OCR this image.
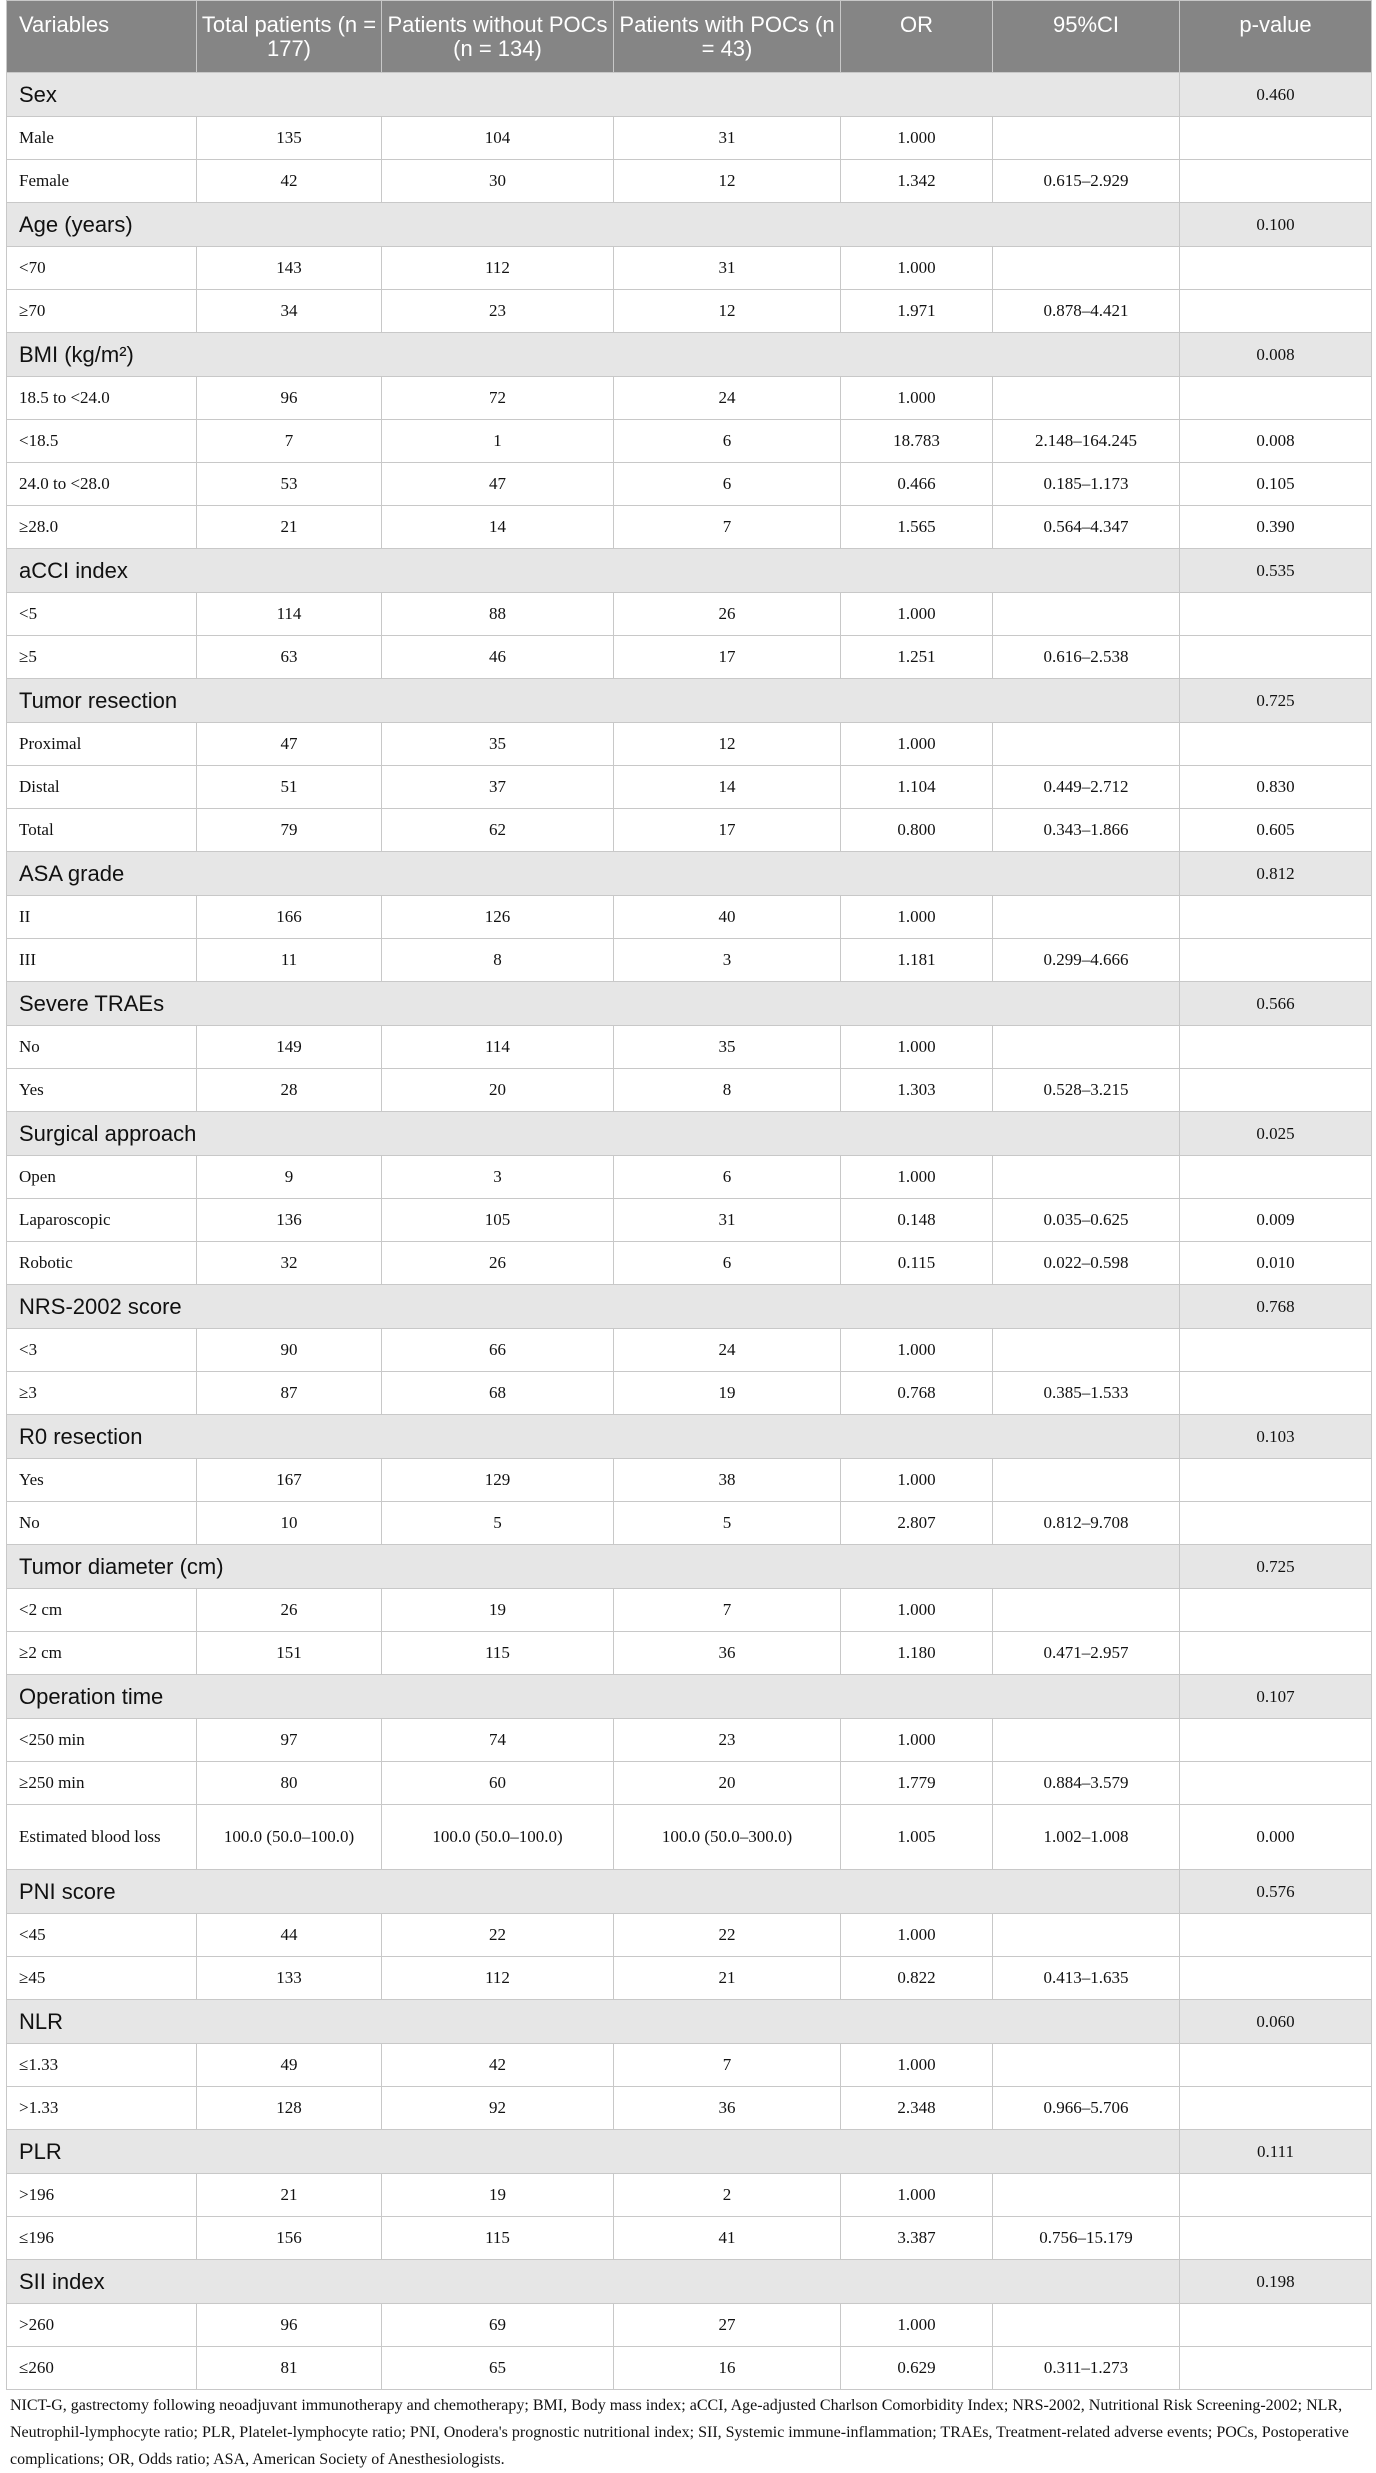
Variables	Total patients (n = 177)	Patients without POCs (n = 134)	Patients with POCs (n = 43)	OR	95%CI	p-value
Sex						0.460
Male	135	104	31	1.000		
Female	42	30	12	1.342	0.615–2.929	
Age (years)						0.100
<70	143	112	31	1.000		
≥70	34	23	12	1.971	0.878–4.421	
BMI (kg/m²)						0.008
18.5 to <24.0	96	72	24	1.000		
<18.5	7	1	6	18.783	2.148–164.245	0.008
24.0 to <28.0	53	47	6	0.466	0.185–1.173	0.105
≥28.0	21	14	7	1.565	0.564–4.347	0.390
aCCI index						0.535
<5	114	88	26	1.000		
≥5	63	46	17	1.251	0.616–2.538	
Tumor resection						0.725
Proximal	47	35	12	1.000		
Distal	51	37	14	1.104	0.449–2.712	0.830
Total	79	62	17	0.800	0.343–1.866	0.605
ASA grade						0.812
II	166	126	40	1.000		
III	11	8	3	1.181	0.299–4.666	
Severe TRAEs						0.566
No	149	114	35	1.000		
Yes	28	20	8	1.303	0.528–3.215	
Surgical approach						0.025
Open	9	3	6	1.000		
Laparoscopic	136	105	31	0.148	0.035–0.625	0.009
Robotic	32	26	6	0.115	0.022–0.598	0.010
NRS-2002 score						0.768
<3	90	66	24	1.000		
≥3	87	68	19	0.768	0.385–1.533	
R0 resection						0.103
Yes	167	129	38	1.000		
No	10	5	5	2.807	0.812–9.708	
Tumor diameter (cm)						0.725
<2 cm	26	19	7	1.000		
≥2 cm	151	115	36	1.180	0.471–2.957	
Operation time						0.107
<250 min	97	74	23	1.000		
≥250 min	80	60	20	1.779	0.884–3.579	
Estimated blood loss	100.0 (50.0–100.0)	100.0 (50.0–100.0)	100.0 (50.0–300.0)	1.005	1.002–1.008	0.000
PNI score						0.576
<45	44	22	22	1.000		
≥45	133	112	21	0.822	0.413–1.635	
NLR						0.060
≤1.33	49	42	7	1.000		
>1.33	128	92	36	2.348	0.966–5.706	
PLR						0.111
>196	21	19	2	1.000		
≤196	156	115	41	3.387	0.756–15.179	
SII index						0.198
>260	96	69	27	1.000		
≤260	81	65	16	0.629	0.311–1.273	
NICT-G, gastrectomy following neoadjuvant immunotherapy and chemotherapy; BMI, Body mass index; aCCI, Age-adjusted Charlson Comorbidity Index; NRS-2002, Nutritional Risk Screening-2002; NLR, Neutrophil-lymphocyte ratio; PLR, Platelet-lymphocyte ratio; PNI, Onodera's prognostic nutritional index; SII, Systemic immune-inflammation; TRAEs, Treatment-related adverse events; POCs, Postoperative complications; OR, Odds ratio; ASA, American Society of Anesthesiologists.
